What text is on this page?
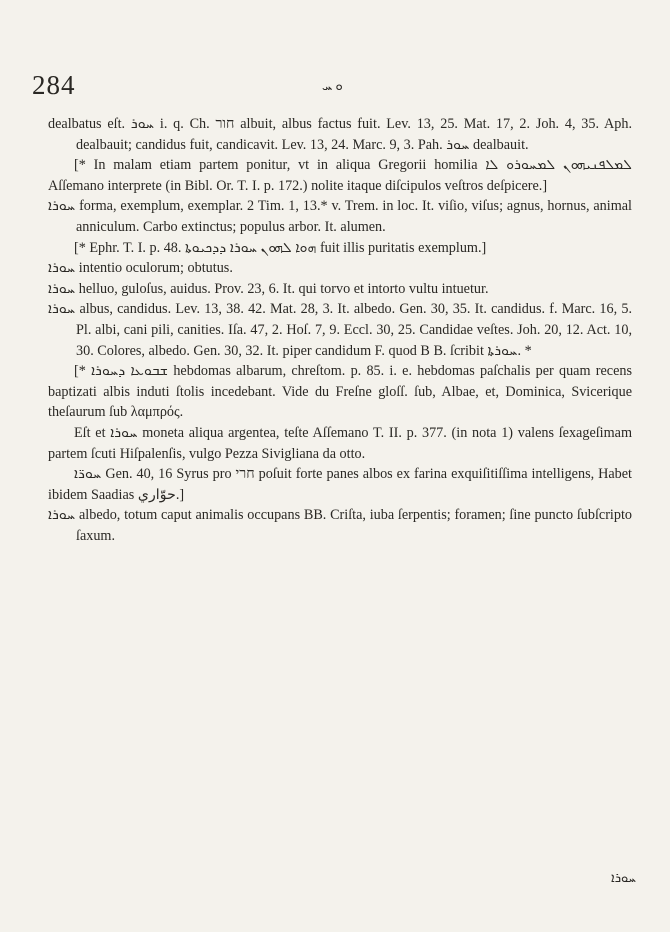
284	ܘ ܚ

dealbatus eſt. ܚܘܪ i. q. Ch. חור albuit, albus factus fuit. Lev. 13, 25. Mat. 17, 2. Joh. 4, 35. Aph. dealbauit; candidus fuit, candicavit. Lev. 13, 24. Marc. 9, 3. Pah. ܚܘܪ dealbauit.

[* In malam etiam partem ponitur, vt in aliqua Gregorii homilia ܠܡܠܦܢܝܗܘܢ ܠܡܚܘܪܘ ܠܐ Aſſemano interprete (in Bibl. Or. T. I. p. 172.) nolite itaque diſcipulos veſtros deſpicere.]

ܚܘܪܐ forma, exemplum, exemplar. 2 Tim. 1, 13.* v. Trem. in loc. It. viſio, viſus; agnus, hornus, animal anniculum. Carbo extinctus; populus arbor. It. alumen.

[* Ephr. T. I. p. 48. ܗܘܐ ܠܗܘܢ ܚܘܪܐ ܕܕܟܝܘܬܐ fuit illis puritatis exemplum.]

ܚܘܪܐ intentio oculorum; obtutus.

ܚܘܪܐ helluo, guloſus, auidus. Prov. 23, 6. It. qui torvo et intorto vultu intuetur.

ܚܘܪܐ albus, candidus. Lev. 13, 38. 42. Mat. 28, 3. It. albedo. Gen. 30, 35. It. candidus. f. Marc. 16, 5. Pl. albi, cani pili, canities. Iſa. 47, 2. Hoſ. 7, 9. Eccl. 30, 25. Candidae veſtes. Joh. 20, 12. Act. 10, 30. Colores, albedo. Gen. 30, 32. It. piper candidum F. quod B B. ſcribit ܚܘܪܬܐ. *

[* ܫܒܘܥܐ ܕܚܘܪܐ hebdomas albarum, chreſtom. p. 85. i. e. hebdomas paſchalis per quam recens baptizati albis induti ſtolis incedebant. Vide du Freſne gloſſ. ſub, Albae, et, Dominica, Svicerique theſaurum ſub λαμπρός.

Eſt et ܚܘܪܐ moneta aliqua argentea, teſte Aſſemano T. II. p. 377. (in nota 1) valens ſexageſimam partem ſcuti Hiſpalenſis, vulgo Pezza Sivigliana da otto.

ܚܘܪ̈ܐ Gen. 40, 16 Syrus pro חרי poſuit forte panes albos ex farina exquiſitiſſima intelligens, Habet ibidem Saadias حوّاري.]

ܚܘܪܐ albedo, totum caput animalis occupans BB. Criſta, iuba ſerpentis; foramen; ſine puncto ſubſcripto ſaxum.

ܚܘܪܐ
